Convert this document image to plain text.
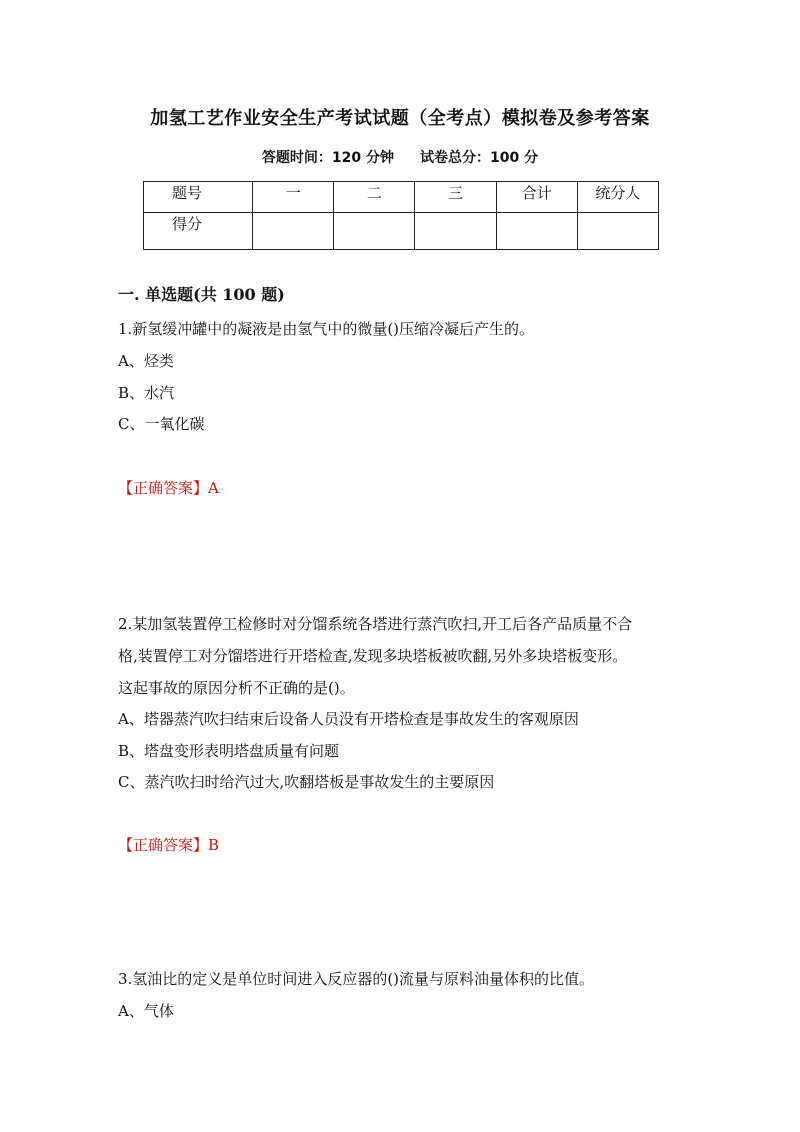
加氢工艺作业安全生产考试试题（全考点）模拟卷及参考答案
答题时间：120 分钟 试卷总分：100 分
题号	一	二	三	合计	统分人
得分					
一. 单选题(共 100 题)
1.新氢缓冲罐中的凝液是由氢气中的微量()压缩冷凝后产生的。
A、烃类
B、水汽
C、一氧化碳
【正确答案】A
2.某加氢装置停工检修时对分馏系统各塔进行蒸汽吹扫,开工后各产品质量不合
格,装置停工对分馏塔进行开塔检查,发现多块塔板被吹翻,另外多块塔板变形。
这起事故的原因分析不正确的是()。
A、塔器蒸汽吹扫结束后设备人员没有开塔检查是事故发生的客观原因
B、塔盘变形表明塔盘质量有问题
C、蒸汽吹扫时给汽过大,吹翻塔板是事故发生的主要原因
【正确答案】B
3.氢油比的定义是单位时间进入反应器的()流量与原料油量体积的比值。
A、气体
